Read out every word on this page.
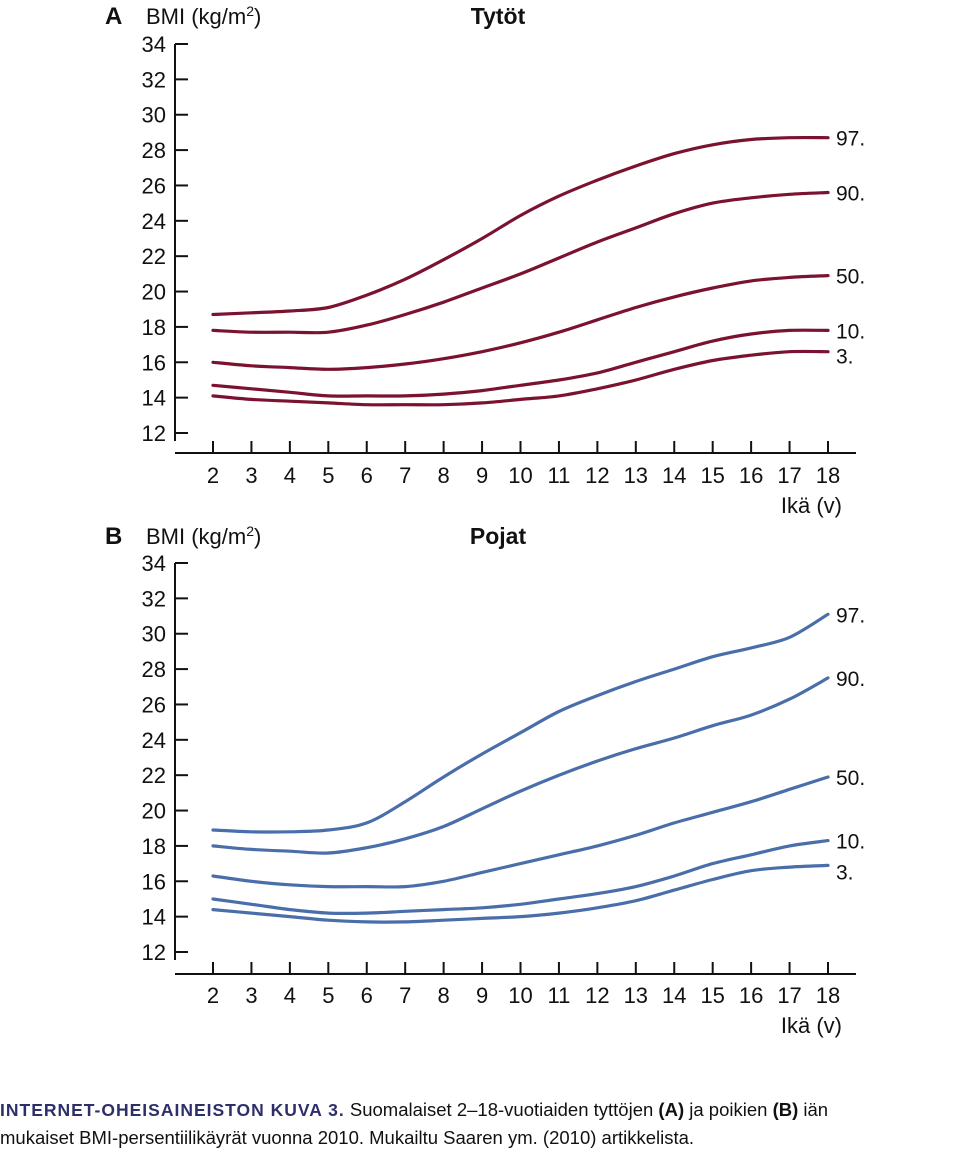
A BMI $(kg/m^2)$	Tytöt
12
14
16
18
20
22
24
26
28
30
32
34
2 3 4 5 6 7 8 9 10 11 12 13 14 15 16 17 18
Ikä (v)
97.
90.
50.
10.
3.
B BMI $(kg/m^2)$	Pojat
12
14
16
18
20
22
24
26
28
30
32
34
2 3 4 5 6 7 8 9 10 11 12 13 14 15 16 17 18
Ikä (v)
97.
90.
50.
10.
3.
INTERNET-OHEISAINEISTON KUVA 3. Suomalaiset 2–18-vuotiaiden tyttöjen (A) ja poikien (B) iän
mukaiset BMI-persentiilikäyrät vuonna 2010. Mukailtu Saaren ym. (2010) artikkelista.
